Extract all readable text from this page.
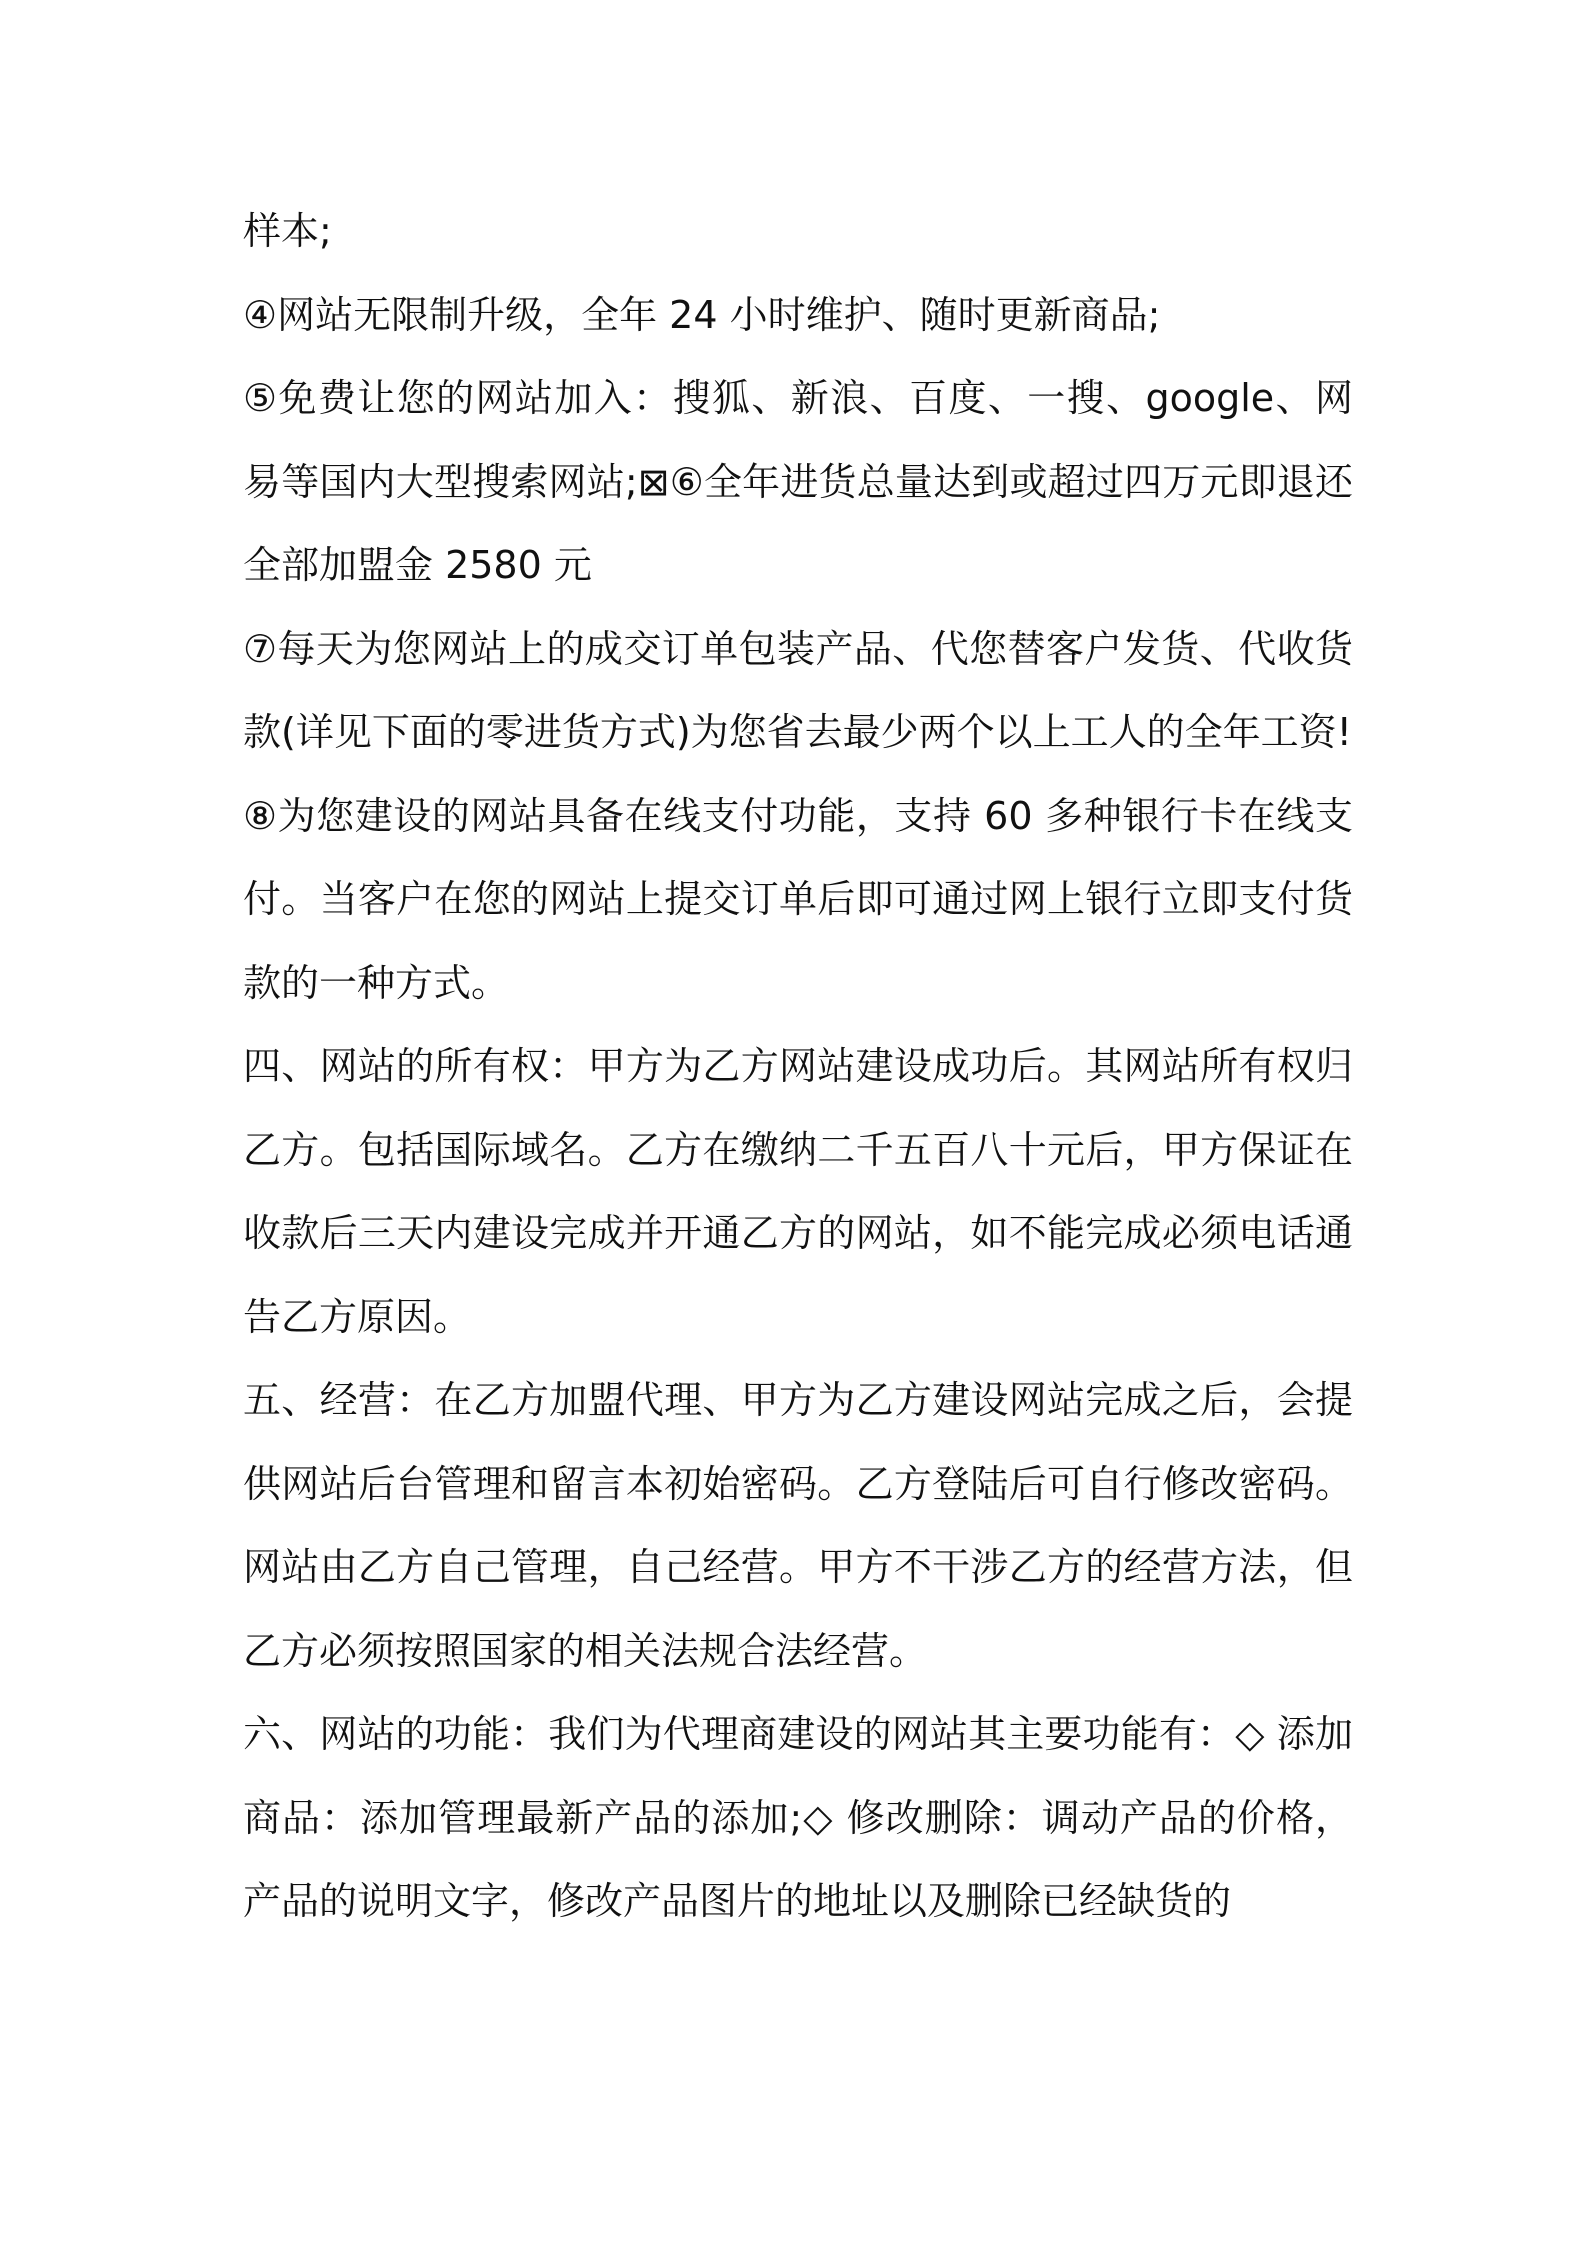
样本;

④网站无限制升级，全年 24 小时维护、随时更新商品;

⑤免费让您的网站加入：搜狐、新浪、百度、一搜、google、网易等国内大型搜索网站;⊠⑥全年进货总量达到或超过四万元即退还全部加盟金 2580 元

⑦每天为您网站上的成交订单包装产品、代您替客户发货、代收货款(详见下面的零进货方式)为您省去最少两个以上工人的全年工资!

⑧为您建设的网站具备在线支付功能，支持 60 多种银行卡在线支付。当客户在您的网站上提交订单后即可通过网上银行立即支付货款的一种方式。

四、网站的所有权：甲方为乙方网站建设成功后。其网站所有权归乙方。包括国际域名。乙方在缴纳二千五百八十元后，甲方保证在收款后三天内建设完成并开通乙方的网站，如不能完成必须电话通告乙方原因。

五、经营：在乙方加盟代理、甲方为乙方建设网站完成之后，会提供网站后台管理和留言本初始密码。乙方登陆后可自行修改密码。网站由乙方自己管理，自己经营。甲方不干涉乙方的经营方法，但乙方必须按照国家的相关法规合法经营。

六、网站的功能：我们为代理商建设的网站其主要功能有：◇ 添加商品：添加管理最新产品的添加;◇ 修改删除：调动产品的价格，产品的说明文字，修改产品图片的地址以及删除已经缺货的
